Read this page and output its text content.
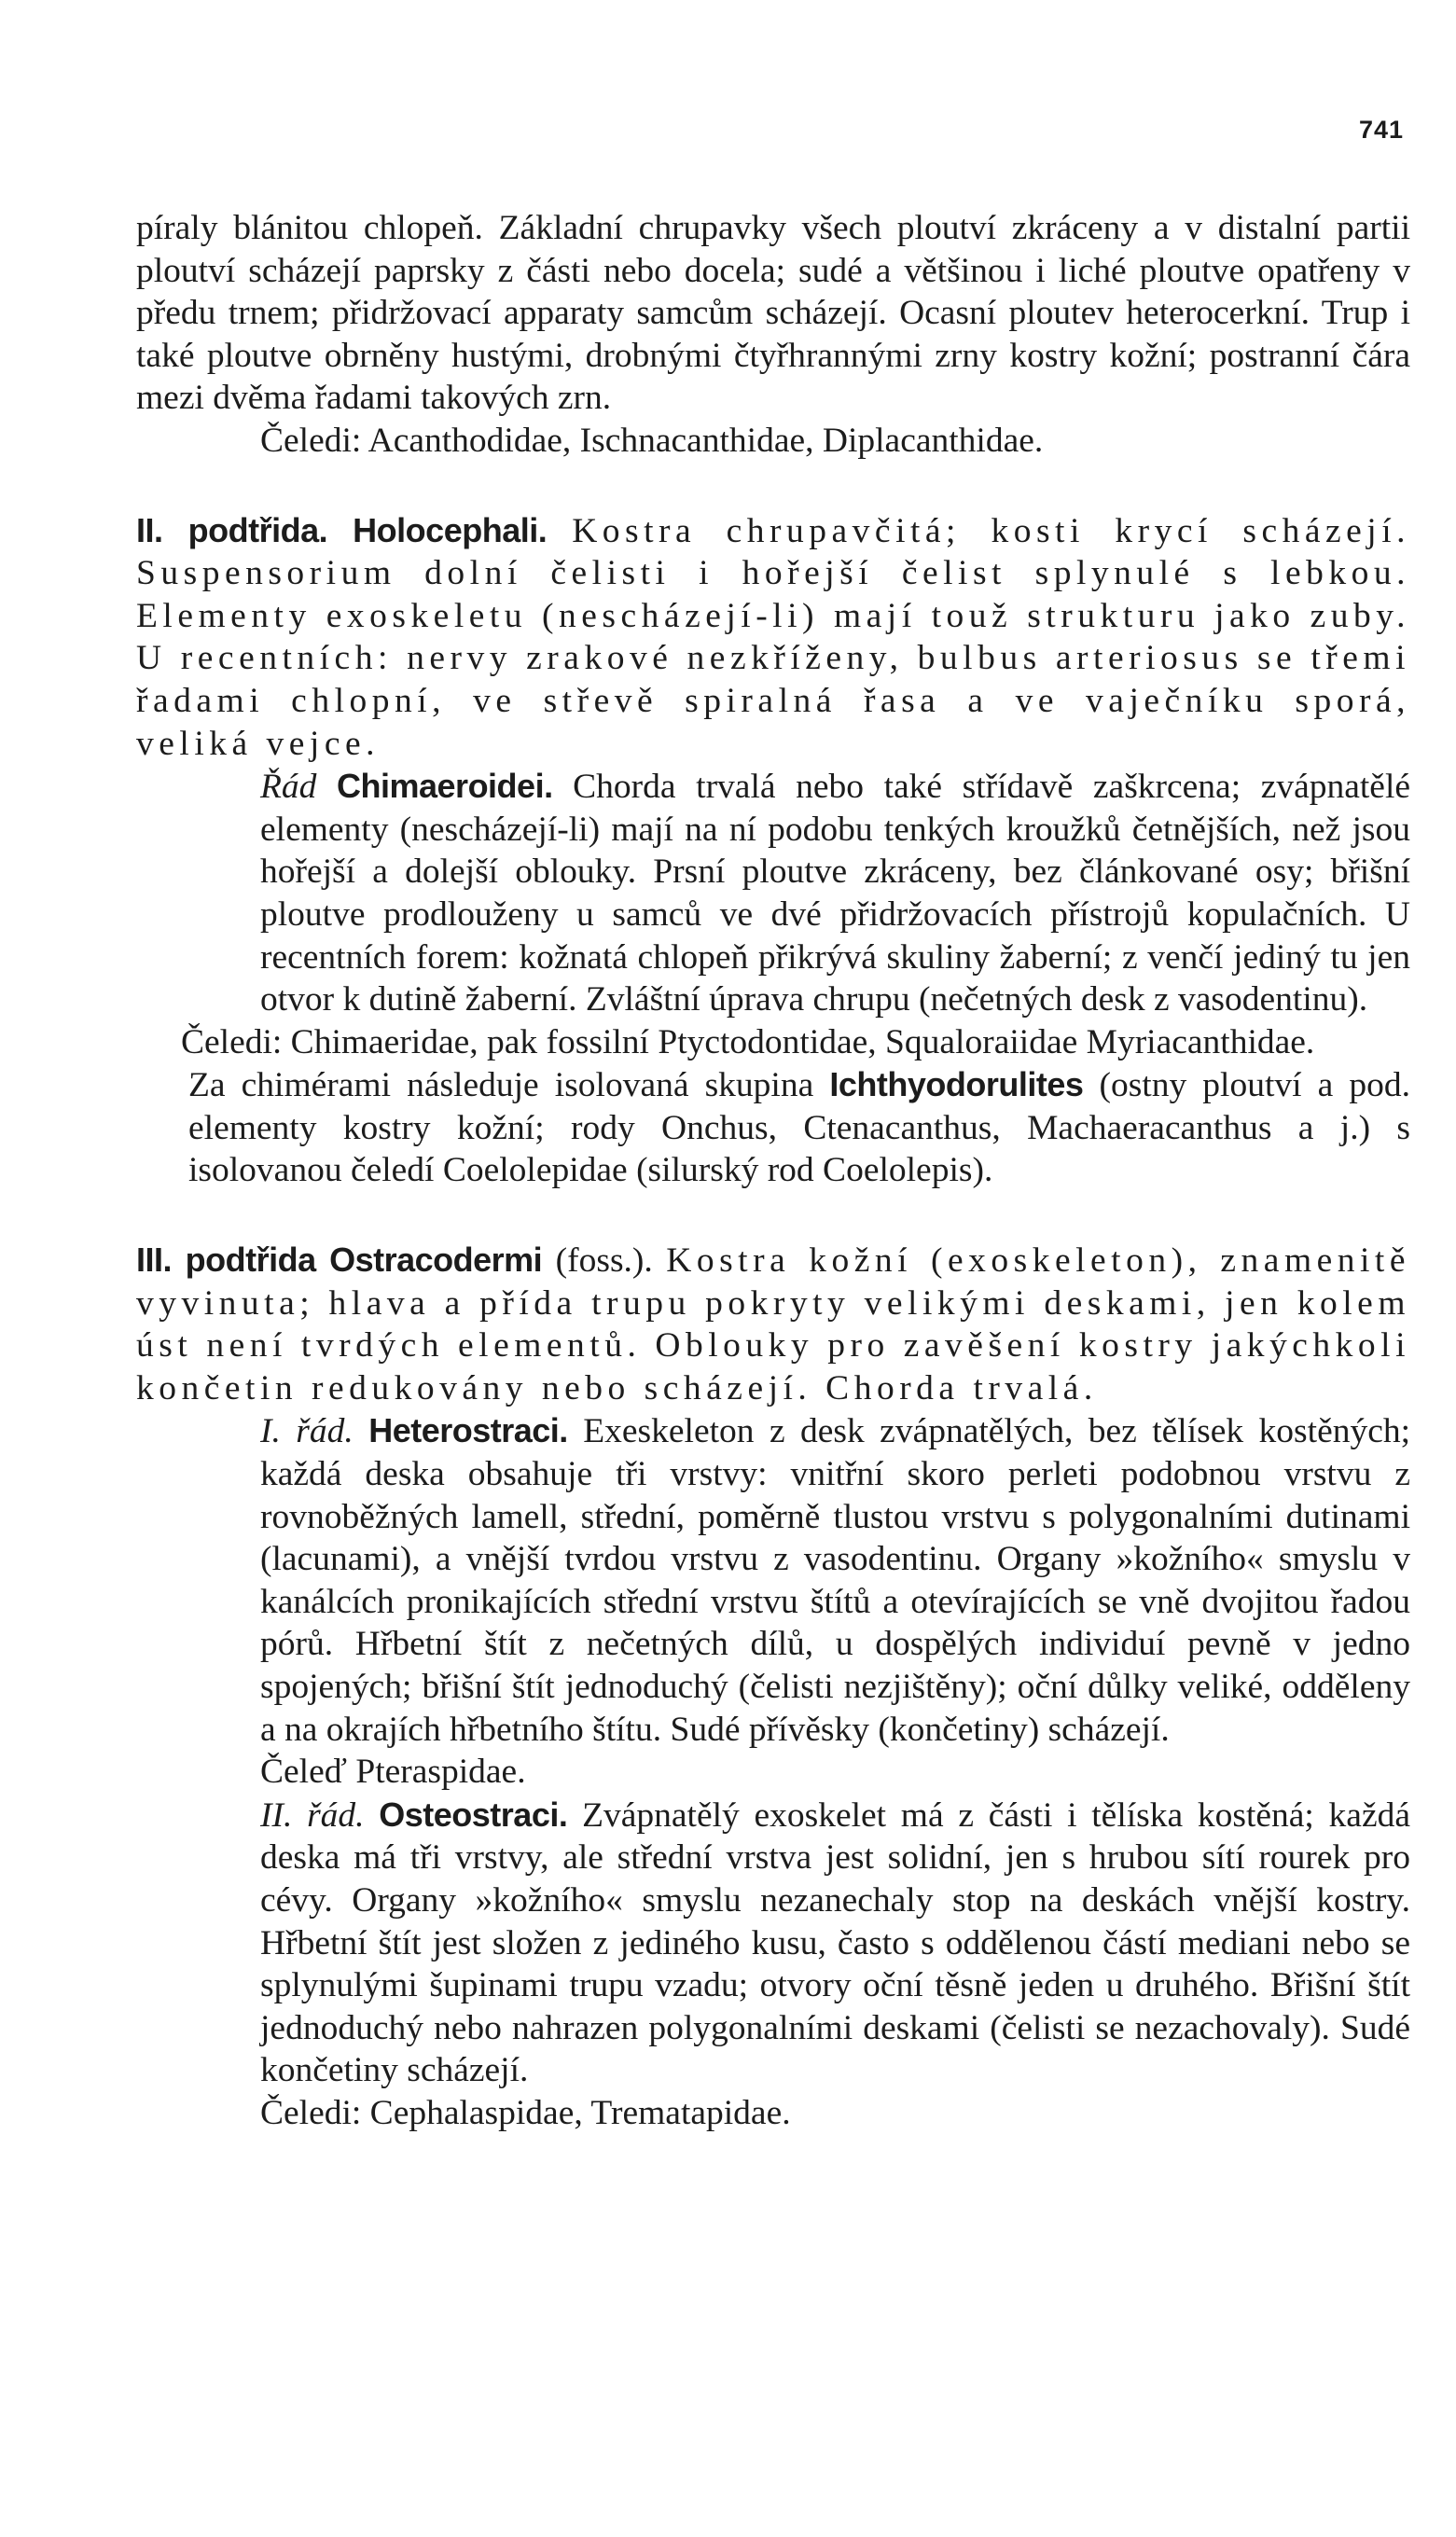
741
píraly blánitou chlopeň. Základní chrupavky všech ploutví zkráceny a v distalní partii ploutví scházejí paprsky z části nebo docela; sudé a většinou i liché ploutve opatřeny v předu trnem; přidržovací apparaty samcům scházejí. Ocasní ploutev heterocerkní. Trup i také ploutve obrněny hustými, drobnými čtyřhrannými zrny kostry kožní; postranní čára mezi dvěma řadami takových zrn.
Čeledi: Acanthodidae, Ischnacanthidae, Diplacanthidae.
II. podtřida. Holocephali. Kostra chrupavčitá; kosti krycí scházejí. Suspensorium dolní čelisti i hořejší čelist splynulé s lebkou. Elementy exoskeletu (nescházejí-li) mají touž strukturu jako zuby. U recentních: nervy zrakové nezkříženy, bulbus arteriosus se třemi řadami chlopní, ve střevě spiralná řasa a ve vaječníku sporá, veliká vejce.
Řád Chimaeroidei. Chorda trvalá nebo také střídavě zaškrcena; zvápnatělé elementy (nescházejí-li) mají na ní podobu tenkých kroužků četnějších, než jsou hořejší a dolejší oblouky. Prsní ploutve zkráceny, bez článkované osy; břišní ploutve prodlouženy u samců ve dvé přidržovacích přístrojů kopulačních. U recentních forem: kožnatá chlopeň přikrývá skuliny žaberní; z venčí jediný tu jen otvor k dutině žaberní. Zvláštní úprava chrupu (nečetných desk z vasodentinu).
Čeledi: Chimaeridae, pak fossilní Ptyctodontidae, Squaloraiidae Myriacanthidae.
Za chimérami následuje isolovaná skupina Ichthyodorulites (ostny ploutví a pod. elementy kostry kožní; rody Onchus, Ctenacanthus, Machaeracanthus a j.) s isolovanou čeledí Coelolepidae (silurský rod Coelolepis).
III. podtřida Ostracodermi (foss.). Kostra kožní (exoskeleton), znamenitě vyvinuta; hlava a přída trupu pokryty velikými deskami, jen kolem úst není tvrdých elementů. Oblouky pro zavěšení kostry jakýchkoli končetin redukovány nebo scházejí. Chorda trvalá.
I. řád. Heterostraci. Exeskeleton z desk zvápnatělých, bez tělísek kostěných; každá deska obsahuje tři vrstvy: vnitřní skoro perleti podobnou vrstvu z rovnoběžných lamell, střední, poměrně tlustou vrstvu s polygonalními dutinami (lacunami), a vnější tvrdou vrstvu z vasodentinu. Organy »kožního« smyslu v kanálcích pronikajících střední vrstvu štítů a otevírajících se vně dvojitou řadou pórů. Hřbetní štít z nečetných dílů, u dospělých individuí pevně v jedno spojených; břišní štít jednoduchý (čelisti nezjištěny); oční důlky veliké, odděleny a na okrajích hřbetního štítu. Sudé přívěsky (končetiny) scházejí.
Čeleď Pteraspidae.
II. řád. Osteostraci. Zvápnatělý exoskelet má z části i tělíska kostěná; každá deska má tři vrstvy, ale střední vrstva jest solidní, jen s hrubou sítí rourek pro cévy. Organy »kožního« smyslu nezanechaly stop na deskách vnější kostry. Hřbetní štít jest složen z jediného kusu, často s oddělenou částí mediani nebo se splynulými šupinami trupu vzadu; otvory oční těsně jeden u druhého. Břišní štít jednoduchý nebo nahrazen polygonalními deskami (čelisti se nezachovaly). Sudé končetiny scházejí.
Čeledi: Cephalaspidae, Trematapidae.
